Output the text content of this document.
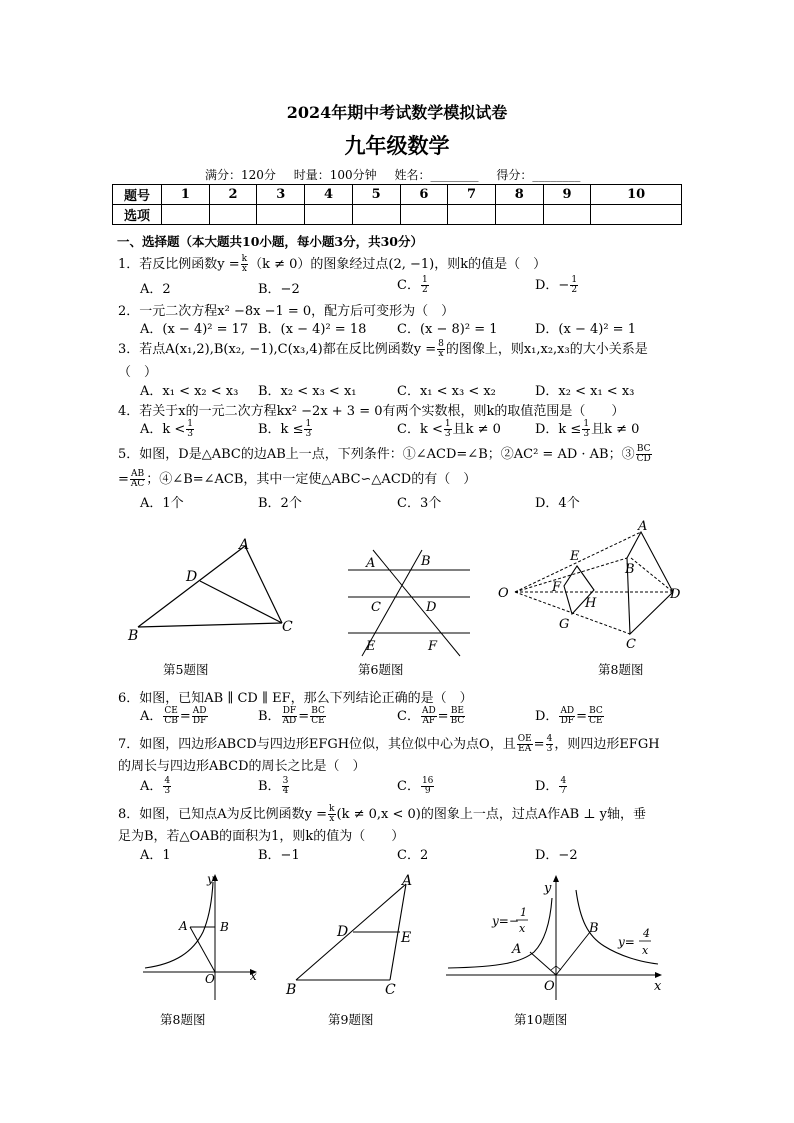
2024年期中考试数学模拟试卷
九年级数学
满分：120分 时量：100分钟 姓名：________ 得分：________
题号	1	2	3	4	5	6	7	8	9	10
选项										
一、选择题（本大题共10小题，每小题3分，共30分）
1．若反比例函数$y = \frac{k}{x} (k \ne 0)$的图象经过点(2, −1)，则k的值是（　）
A．2	B．−2	C． $\frac{1}{2}$	D．− $\frac{1}{2}$
2．一元二次方程x² −8x −1 = 0，配方后可变形为（　）
A．(x − 4)² = 17 B．(x − 4)² = 18 C．(x − 8)² = 1	D．(x − 4)² = 1
3．若点A(x₁,2),B(x₂, −1),C(x₃,4)都在反比例函数$y = \frac{8}{x}$ 的图像上，则x₁,x₂,x₃的大小关系是
（　）
A．x₁ < x₂ < x₃ B．x₂ < x₃ < x₁	C．x₁ < x₃ < x₂	D．x₂ < x₁ < x₃
4．若关于x的一元二次方程kx² −2x + 3 = 0有两个实数根，则k的取值范围是（　　）
A．$k < \frac{1}{3}$	B．$k \le \frac{1}{3}$	C．$k < \frac{1}{3}$ 且k ≠ 0	D．$k \le \frac{1}{3}$ 且k ≠ 0
5．如图，D是△ABC的边AB上一点，下列条件：①∠ACD=∠B；②AC² = AD · AB；③ $\frac{BC}{CD}$
= $\frac{AB}{AC}$ ；④∠B=∠ACB，其中一定使△ABC∽△ACD的有（　）
A．1个	B．2个	C．3个	D．4个
A
B
C
D
第5题图
A	B
C	D
E	F
第6题图
A
B
C
D
E
F
G
H
O
第8题图
6．如图，已知AB ∥ CD ∥ EF，那么下列结论正确的是（　）
A． $\frac{CE}{CB} = \frac{AD}{DF}$	B． $\frac{DF}{AD} = \frac{BC}{CE}$	C． $\frac{AD}{AF} = \frac{BE}{BC}$	D． $\frac{AD}{DF} = \frac{BC}{CE}$
7．如图，四边形ABCD与四边形EFGH位似，其位似中心为点O，且 $\frac{OE}{EA} = \frac{4}{3}$ ，则四边形EFGH
的周长与四边形ABCD的周长之比是（　）
A． $\frac{4}{3}$	B． $\frac{3}{4}$	C． $\frac{16}{9}$	D． $\frac{4}{7}$
8．如图，已知点A为反比例函数$y = \frac{k}{x} (k \ne 0,x < 0)$的图象上一点，过点A作AB ⊥ y轴，垂
足为B，若△OAB的面积为1，则k的值为（　　）
A．1	B．−1	C．2	D．−2
y
A	B
O	x
第8题图
A
B	C
D	E
第9题图
y
A
B
O	x
y=−
1
x
y=
4
x
第10题图
